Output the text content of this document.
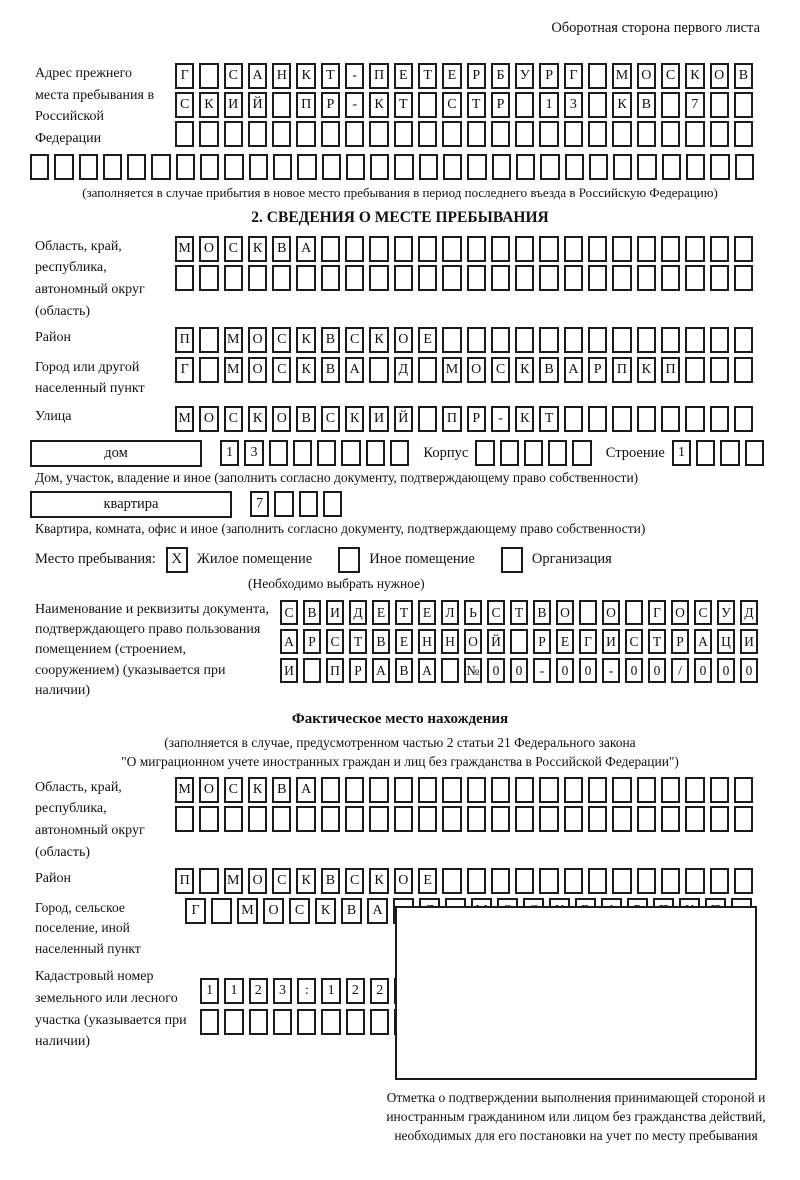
Оборотная сторона первого листа
Адрес прежнего места пребывания в Российской Федерации
Г	С	А	Н	К	Т	-	П	Е	Т	Е	Р	Б	У	Р	Г	М О	С	К	О	В
С	К	И	Й	П	Р	-	К	Т	С	Т	Р	1	3	К	В	7
(заполняется в случае прибытия в новое место пребывания в период последнего въезда в Российскую Федерацию)
2. СВЕДЕНИЯ О МЕСТЕ ПРЕБЫВАНИЯ
Область, край, республика, автономный округ (область)
М О	С	К	В	А
Район	П	М О	С	К	В	С	К	О	Е
Город или другой населенный пункт
Г	М О	С	К	В	А	Д	М О	С	К	В	А	Р	П	К	П
Улица	М О	С	К	О	В	С	К	И	Й	П	Р	-	К	Т
дом	1	3	Корпус	Строение 1
Дом, участок, владение и иное (заполнить согласно документу, подтверждающему право собственности)
квартира	7
Квартира, комната, офис и иное (заполнить согласно документу, подтверждающему право собственности)
Место пребывания:	X	Жилое помещение	Иное помещение	Организация
(Необходимо выбрать нужное)
Наименование и реквизиты документа, подтверждающего право пользования помещением (строением, сооружением) (указывается при наличии)
С	В	И	Д	Е	Т	Е	Л	Ь	С	Т	В	О	О	Г	О	С	У	Д
А	Р	С	Т	В	Е	Н Н О Й	Р	Е	Г	И	С	Т	Р	А Ц И
И	П	Р	А	В	А	№ 0	0	-	0	0	-	0	0	/	0	0	0
Фактическое место нахождения
(заполняется в случае, предусмотренном частью 2 статьи 21 Федерального закона
"О миграционном учете иностранных граждан и лиц без гражданства в Российской Федерации")
Область, край, республика, автономный округ (область)
М О	С	К	В	А
Район	П	М О	С	К	В	С	К	О	Е
Город, сельское поселение, иной населенный пункт
Г	М	О	С	К	В	А
Кадастровый номер земельного или лесного участка (указывается при наличии)
1	1	2	3	:	1	2	2
Отметка о подтверждении выполнения принимающей стороной и иностранным гражданином или лицом без гражданства действий, необходимых для его постановки на учет по месту пребывания
